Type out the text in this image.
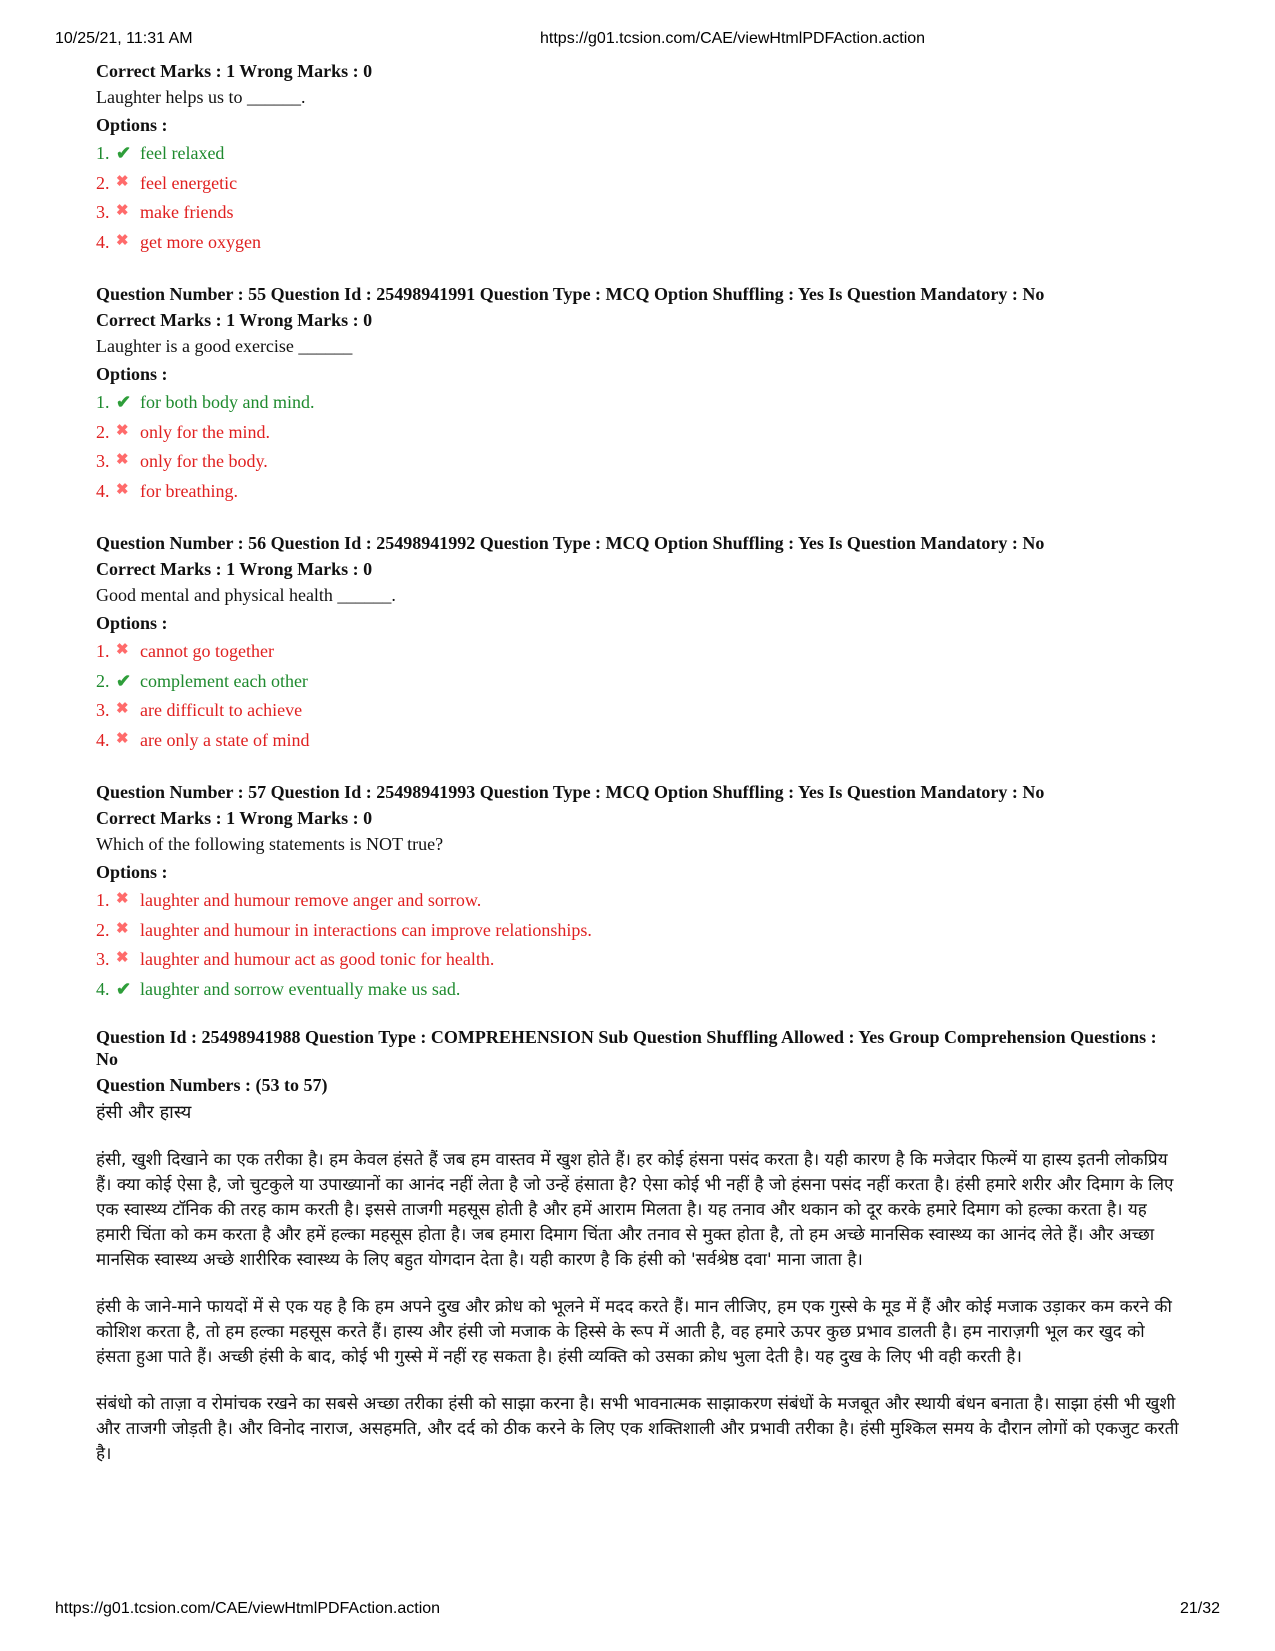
10/25/21, 11:31 AM	https://g01.tcsion.com/CAE/viewHtmlPDFAction.action
Correct Marks : 1 Wrong Marks : 0
Laughter helps us to ______.
Options :
1. ✔ feel relaxed
2. ✖ feel energetic
3. ✖ make friends
4. ✖ get more oxygen
Question Number : 55 Question Id : 25498941991 Question Type : MCQ Option Shuffling : Yes Is Question Mandatory : No
Correct Marks : 1 Wrong Marks : 0
Laughter is a good exercise ______
Options :
1. ✔ for both body and mind.
2. ✖ only for the mind.
3. ✖ only for the body.
4. ✖ for breathing.
Question Number : 56 Question Id : 25498941992 Question Type : MCQ Option Shuffling : Yes Is Question Mandatory : No
Correct Marks : 1 Wrong Marks : 0
Good mental and physical health ______.
Options :
1. ✖ cannot go together
2. ✔ complement each other
3. ✖ are difficult to achieve
4. ✖ are only a state of mind
Question Number : 57 Question Id : 25498941993 Question Type : MCQ Option Shuffling : Yes Is Question Mandatory : No
Correct Marks : 1 Wrong Marks : 0
Which of the following statements is NOT true?
Options :
1. ✖ laughter and humour remove anger and sorrow.
2. ✖ laughter and humour in interactions can improve relationships.
3. ✖ laughter and humour act as good tonic for health.
4. ✔ laughter and sorrow eventually make us sad.
Question Id : 25498941988 Question Type : COMPREHENSION Sub Question Shuffling Allowed : Yes Group Comprehension Questions : No
Question Numbers : (53 to 57)
हंसी और हास्य
हंसी, खुशी दिखाने का एक तरीका है। हम केवल हंसते हैं जब हम वास्तव में खुश होते हैं। हर कोई हंसना पसंद करता है। यही कारण है कि मजेदार फिल्में या हास्य इतनी लोकप्रिय हैं। क्या कोई ऐसा है, जो चुटकुले या उपाख्यानों का आनंद नहीं लेता है जो उन्हें हंसाता है? ऐसा कोई भी नहीं है जो हंसना पसंद नहीं करता है। हंसी हमारे शरीर और दिमाग के लिए एक स्वास्थ्य टॉनिक की तरह काम करती है। इससे ताजगी महसूस होती है और हमें आराम मिलता है। यह तनाव और थकान को दूर करके हमारे दिमाग को हल्का करता है। यह हमारी चिंता को कम करता है और हमें हल्का महसूस होता है। जब हमारा दिमाग चिंता और तनाव से मुक्त होता है, तो हम अच्छे मानसिक स्वास्थ्य का आनंद लेते हैं। और अच्छा मानसिक स्वास्थ्य अच्छे शारीरिक स्वास्थ्य के लिए बहुत योगदान देता है। यही कारण है कि हंसी को 'सर्वश्रेष्ठ दवा' माना जाता है।
हंसी के जाने-माने फायदों में से एक यह है कि हम अपने दुख और क्रोध को भूलने में मदद करते हैं। मान लीजिए, हम एक गुस्से के मूड में हैं और कोई मजाक उड़ाकर कम करने की कोशिश करता है, तो हम हल्का महसूस करते हैं। हास्य और हंसी जो मजाक के हिस्से के रूप में आती है, वह हमारे ऊपर कुछ प्रभाव डालती है। हम नाराज़गी भूल कर खुद को हंसता हुआ पाते हैं। अच्छी हंसी के बाद, कोई भी गुस्से में नहीं रह सकता है। हंसी व्यक्ति को उसका क्रोध भुला देती है। यह दुख के लिए भी वही करती है।
संबंधो को ताज़ा व रोमांचक रखने का सबसे अच्छा तरीका हंसी को साझा करना है। सभी भावनात्मक साझाकरण संबंधों के मजबूत और स्थायी बंधन बनाता है। साझा हंसी भी खुशी और ताजगी जोड़ती है। और विनोद नाराज, असहमति, और दर्द को ठीक करने के लिए एक शक्तिशाली और प्रभावी तरीका है। हंसी मुश्किल समय के दौरान लोगों को एकजुट करती है।
https://g01.tcsion.com/CAE/viewHtmlPDFAction.action	21/32
